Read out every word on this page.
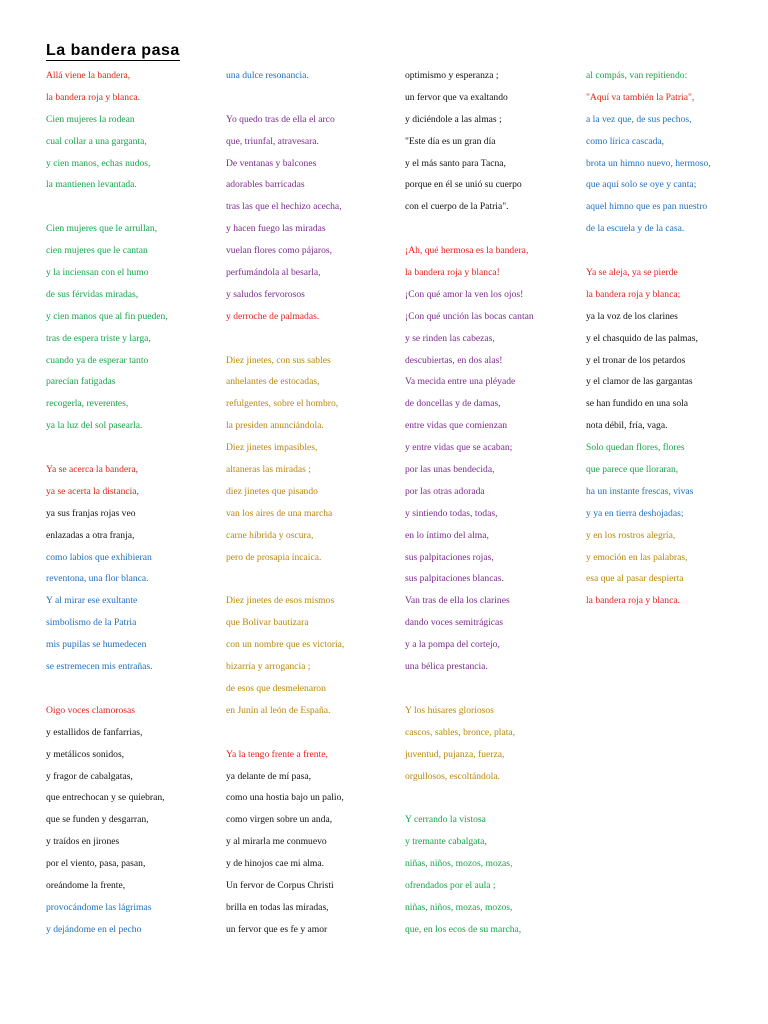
La bandera pasa
Allá viene la bandera,
la bandera roja y blanca.
Cien mujeres la rodean
cual collar a una garganta,
y cien manos, echas nudos,
la mantienen levantada.
Cien mujeres que le arrullan,
cien mujeres que le cantan
y la inciensan con el humo
de sus férvidas miradas,
y cien manos que al fin pueden,
tras de espera triste y larga,
cuando ya de esperar tanto
parecían fatigadas
recogerla, reverentes,
ya la luz del sol pasearla.
Ya se acerca la bandera,
ya se acerta la distancia,
ya sus franjas rojas veo
enlazadas a otra franja,
como labios que exhibieran
reventona, una flor blanca.
Y al mirar ese exultante
simbolismo de la Patria
mis pupilas se humedecen
se estremecen mis entrañas.
Oigo voces clamorosas
y estallidos de fanfarrias,
y metálicos sonidos,
y fragor de cabalgatas,
que entrechocan y se quiebran,
que se funden y desgarran,
y traídos en jirones
por el viento, pasa, pasan,
oreándome la frente,
provocándome las lágrimas
y dejándome en el pecho
una dulce resonancia.
Yo quedo tras de ella el arco
que, triunfal, atravesara.
De ventanas y balcones
adorables barricadas
tras las que el hechizo acecha,
y hacen fuego las miradas
vuelan flores como pájaros,
perfumándola al besarla,
y saludos fervorosos
y derroche de palmadas.
Diez jinetes, con sus sables
anhelantes de estocadas,
refulgentes, sobre el hombro,
la presiden anunciándola.
Diez jinetes impasibles,
altaneras las miradas ;
diez jinetes que pisando
van los aires de una marcha
carne híbrida y oscura,
pero de prosapia íncaica.
Diez jinetes de esos mismos
que Bolívar bautizara
con un nombre que es victoria,
bizarría y arrogancia ;
de esos que desmelenaron
en Junín al león de España.
Ya la tengo frente a frente,
ya delante de mí pasa,
como una hostia bajo un palio,
como virgen sobre un anda,
y al mirarla me conmuevo
y de hinojos cae mi alma.
Un fervor de Corpus Christi
brilla en todas las miradas,
un fervor que es fe y amor
optimismo y esperanza ;
un fervor que va exaltando
y diciéndole a las almas ;
"Este día es un gran día
y el más santo para Tacna,
porque en él se unió su cuerpo
con el cuerpo de la Patria".
¡Ah, qué hermosa es la bandera,
la bandera roja y blanca!
¡Con qué amor la ven los ojos!
¡Con qué unción las bocas cantan
y se rinden las cabezas,
descubiertas, en dos alas!
Va mecida entre una pléyade
de doncellas y de damas,
entre vidas que comienzan
y entre vidas que se acaban;
por las unas bendecida,
por las otras adorada
y sintiendo todas, todas,
en lo íntimo del alma,
sus palpitaciones rojas,
sus palpitaciones blancas.
Van tras de ella los clarines
dando voces semitrágicas
y a la pompa del cortejo,
una bélica prestancia.
Y los húsares gloriosos
cascos, sables, bronce, plata,
juventud, pujanza, fuerza,
orgullosos, escoltándola.
Y cerrando la vistosa
y tremante cabalgata,
niñas, niños, mozos, mozas,
ofrendados por el aula ;
niñas, niños, mozas, mozos,
que, en los ecos de su marcha,
al compás, van repitiendo:
"Aquí va también la Patria",
a la vez que, de sus pechos,
como lírica cascada,
brota un himno nuevo, hermoso,
que aquí solo se oye y canta;
aquel himno que es pan nuestro
de la escuela y de la casa.
Ya se aleja, ya se pierde
la bandera roja y blanca;
ya la voz de los clarines
y el chasquido de las palmas,
y el tronar de los petardos
y el clamor de las gargantas
se han fundido en una sola
nota débil, fría, vaga.
Solo quedan flores, flores
que parece que lloraran,
ha un instante frescas, vivas
y ya en tierra deshojadas;
y en los rostros alegría,
y emoción en las palabras,
esa que al pasar despierta
la bandera roja y blanca.
